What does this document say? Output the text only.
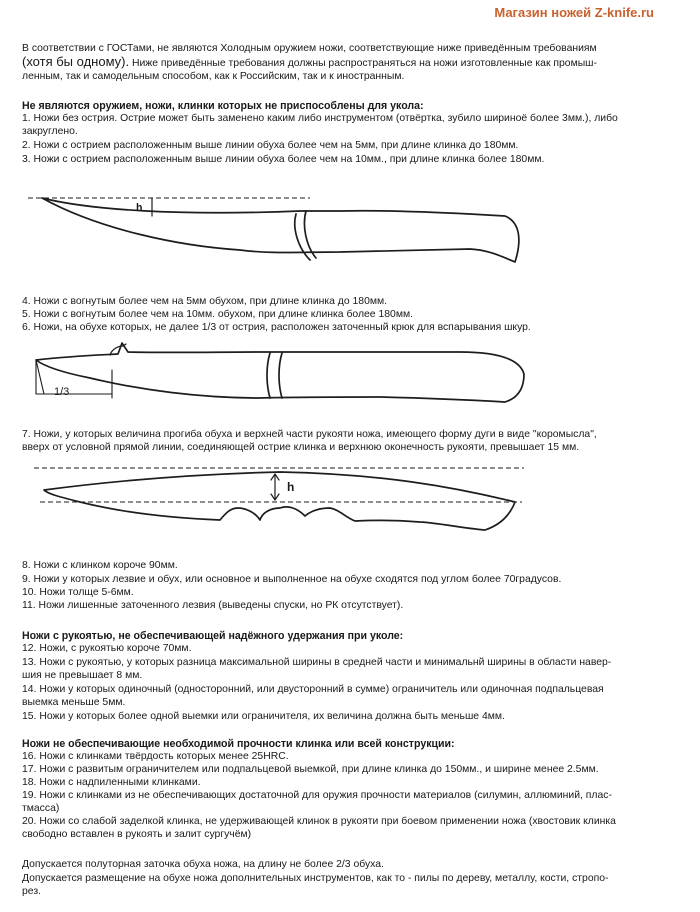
Магазин ножей Z-knife.ru
В соответствии с ГОСТами, не являются Холодным оружием ножи, соответствующие ниже приведённым требованиям
(хотя бы одному). Ниже приведённые требования должны распространяться на ножи изготовленные как промыш-
ленным, так и самодельным способом, как к Российским, так и к иностранным.
Не являются оружием, ножи, клинки которых не приспособлены для укола:
1. Ножи без острия. Острие может быть заменено каким либо инструментом (отвёртка, зубило шириноё более 3мм.), либо
закруглено.
2. Ножи с острием расположенным выше линии обуха более чем на 5мм, при длине клинка до 180мм.
3. Ножи с острием расположенным выше линии обуха более чем на 10мм., при длине клинка более 180мм.
h
4. Ножи с вогнутым более чем на 5мм обухом, при длине клинка до 180мм.
5. Ножи с вогнутым более чем на 10мм. обухом, при длине клинка более 180мм.
6. Ножи, на обухе которых, не далее 1/3 от острия, расположен заточенный крюк для вспарывания шкур.
1/3
7. Ножи, у которых величина прогиба обуха и верхней части рукояти ножа, имеющего форму дуги в виде "коромысла",
вверх от условной прямой линии, соединяющей острие клинка и верхнюю оконечность рукояти, превышает 15 мм.
h
8. Ножи с клинком короче 90мм.
9. Ножи у которых лезвие и обух, или основное и выполненное на обухе сходятся под углом более 70градусов.
10. Ножи толще 5-6мм.
11. Ножи лишенные заточенного лезвия (выведены спуски, но РК отсутствует).
Ножи с рукоятью, не обеспечивающей надёжного удержания при уколе:
12. Ножи, с рукоятью короче 70мм.
13. Ножи с рукоятью, у которых разница максимальной ширины в средней части и минимальнй ширины в области навер-
шия не превышает 8 мм.
14. Ножи у которых одиночный (односторонний, или двусторонний в сумме) ограничитель или одиночная подпальцевая
выемка меньше 5мм.
15. Ножи у которых более одной выемки или ограничителя, их величина должна быть меньше 4мм.
Ножи не обеспечивающие необходимой прочности клинка или всей конструкции:
16. Ножи с клинками твёрдость которых менее 25HRC.
17. Ножи с развитым ограничителем или подпальцевой выемкой, при длине клинка до 150мм., и ширине менее 2.5мм.
18. Ножи с надпиленными клинками.
19. Ножи с клинками из не обеспечивающих достаточной для оружия прочности материалов (силумин, аллюминий, плас-
тмасса)
20. Ножи со слабой заделкой клинка, не удерживающей клинок в рукояти при боевом применении ножа (хвостовик клинка
свободно вставлен в рукоять и залит сургучём)
Допускается полуторная заточка обуха ножа, на длину не более 2/3 обуха.
Допускается размещение на обухе ножа дополнительных инструментов, как то - пилы по дереву, металлу, кости, стропо-
рез.
